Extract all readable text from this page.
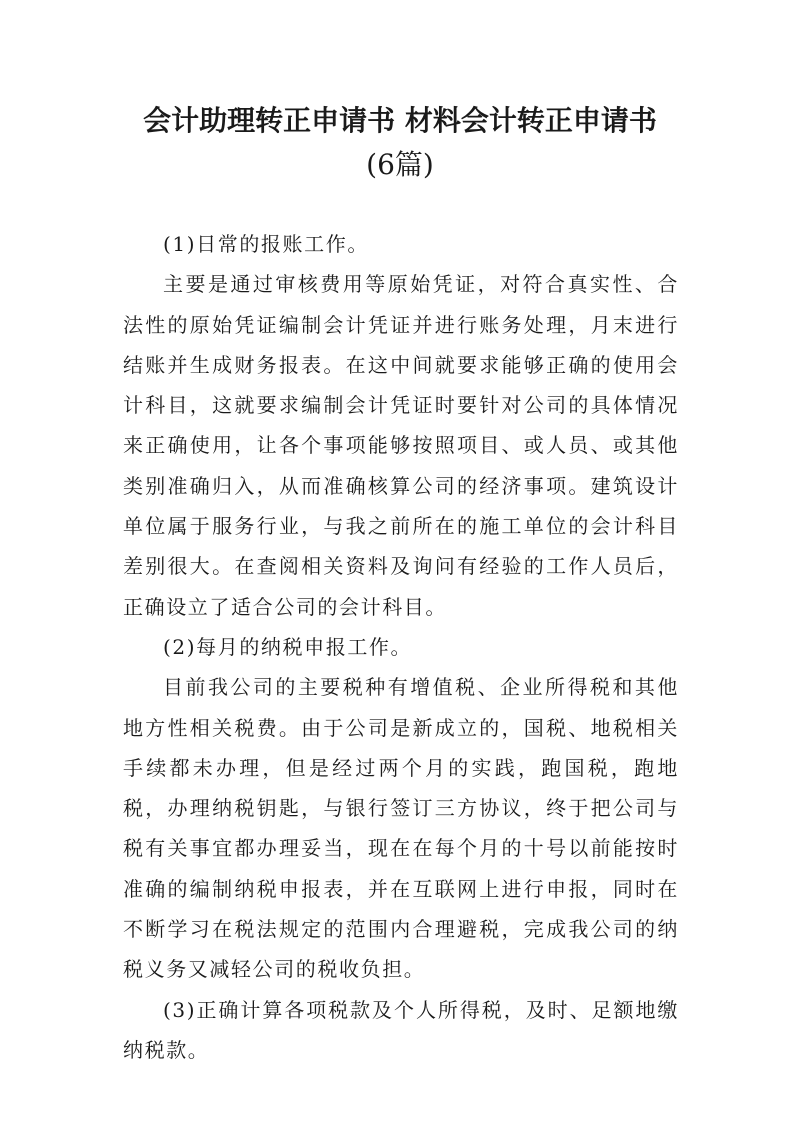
会计助理转正申请书 材料会计转正申请书
(6篇)

(1)日常的报账工作。

主要是通过审核费用等原始凭证，对符合真实性、合法性的原始凭证编制会计凭证并进行账务处理，月末进行结账并生成财务报表。在这中间就要求能够正确的使用会计科目，这就要求编制会计凭证时要针对公司的具体情况来正确使用，让各个事项能够按照项目、或人员、或其他类别准确归入，从而准确核算公司的经济事项。建筑设计单位属于服务行业，与我之前所在的施工单位的会计科目差别很大。在查阅相关资料及询问有经验的工作人员后，正确设立了适合公司的会计科目。

(2)每月的纳税申报工作。

目前我公司的主要税种有增值税、企业所得税和其他地方性相关税费。由于公司是新成立的，国税、地税相关手续都未办理，但是经过两个月的实践，跑国税，跑地税，办理纳税钥匙，与银行签订三方协议，终于把公司与税有关事宜都办理妥当，现在在每个月的十号以前能按时准确的编制纳税申报表，并在互联网上进行申报，同时在不断学习在税法规定的范围内合理避税，完成我公司的纳税义务又减轻公司的税收负担。

(3)正确计算各项税款及个人所得税，及时、足额地缴纳税款。
